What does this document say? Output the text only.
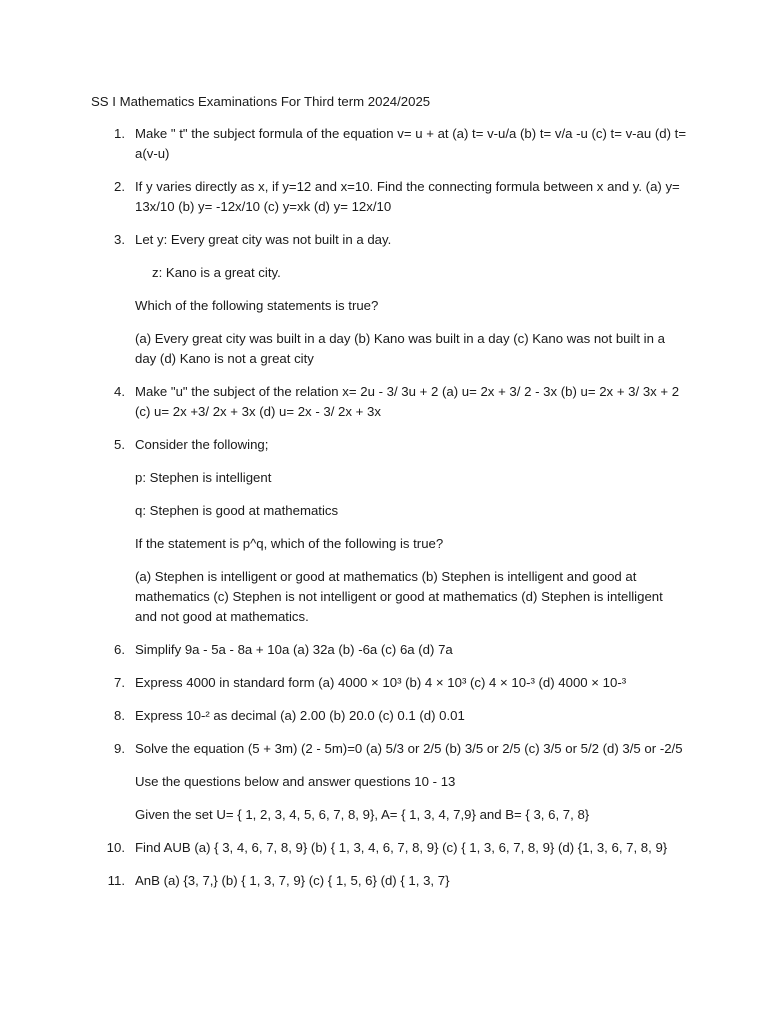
SS I Mathematics Examinations For Third term 2024/2025

1. Make " t" the subject formula of the equation v= u + at (a) t= v-u/a (b) t= v/a -u (c) t= v-au (d) t= a(v-u)
2. If y varies directly as x, if y=12 and x=10. Find the connecting formula between x and y. (a) y= 13x/10 (b) y= -12x/10 (c) y=xk (d) y= 12x/10
3. Let y: Every great city was not built in a day.
z: Kano is a great city.
Which of the following statements is true?
(a) Every great city was built in a day (b) Kano was built in a day (c) Kano was not built in a day (d) Kano is not a great city
4. Make "u" the subject of the relation x= 2u - 3/ 3u + 2 (a) u= 2x + 3/ 2 - 3x (b) u= 2x + 3/ 3x + 2 (c) u= 2x +3/ 2x + 3x (d) u= 2x - 3/ 2x + 3x
5. Consider the following;
p: Stephen is intelligent
q: Stephen is good at mathematics
If the statement is p^q, which of the following is true?
(a) Stephen is intelligent or good at mathematics (b) Stephen is intelligent and good at mathematics (c) Stephen is not intelligent or good at mathematics (d) Stephen is intelligent and not good at mathematics.
6. Simplify 9a - 5a - 8a + 10a (a) 32a (b) -6a (c) 6a (d) 7a
7. Express 4000 in standard form (a) 4000 × 10³ (b) 4 × 10³ (c) 4 × 10-³ (d) 4000 × 10-³
8. Express 10-² as decimal (a) 2.00 (b) 20.0 (c) 0.1 (d) 0.01
9. Solve the equation (5 + 3m) (2 - 5m)=0 (a) 5/3 or 2/5 (b) 3/5 or 2/5 (c) 3/5 or 5/2 (d) 3/5 or -2/5
Use the questions below and answer questions 10 - 13
Given the set U= { 1, 2, 3, 4, 5, 6, 7, 8, 9}, A= { 1, 3, 4, 7,9} and B= { 3, 6, 7, 8}
10. Find AUB (a) { 3, 4, 6, 7, 8, 9} (b) { 1, 3, 4, 6, 7, 8, 9} (c) { 1, 3, 6, 7, 8, 9} (d) {1, 3, 6, 7, 8, 9}
11. AnB (a) {3, 7,} (b) { 1, 3, 7, 9} (c) { 1, 5, 6} (d) { 1, 3, 7}
